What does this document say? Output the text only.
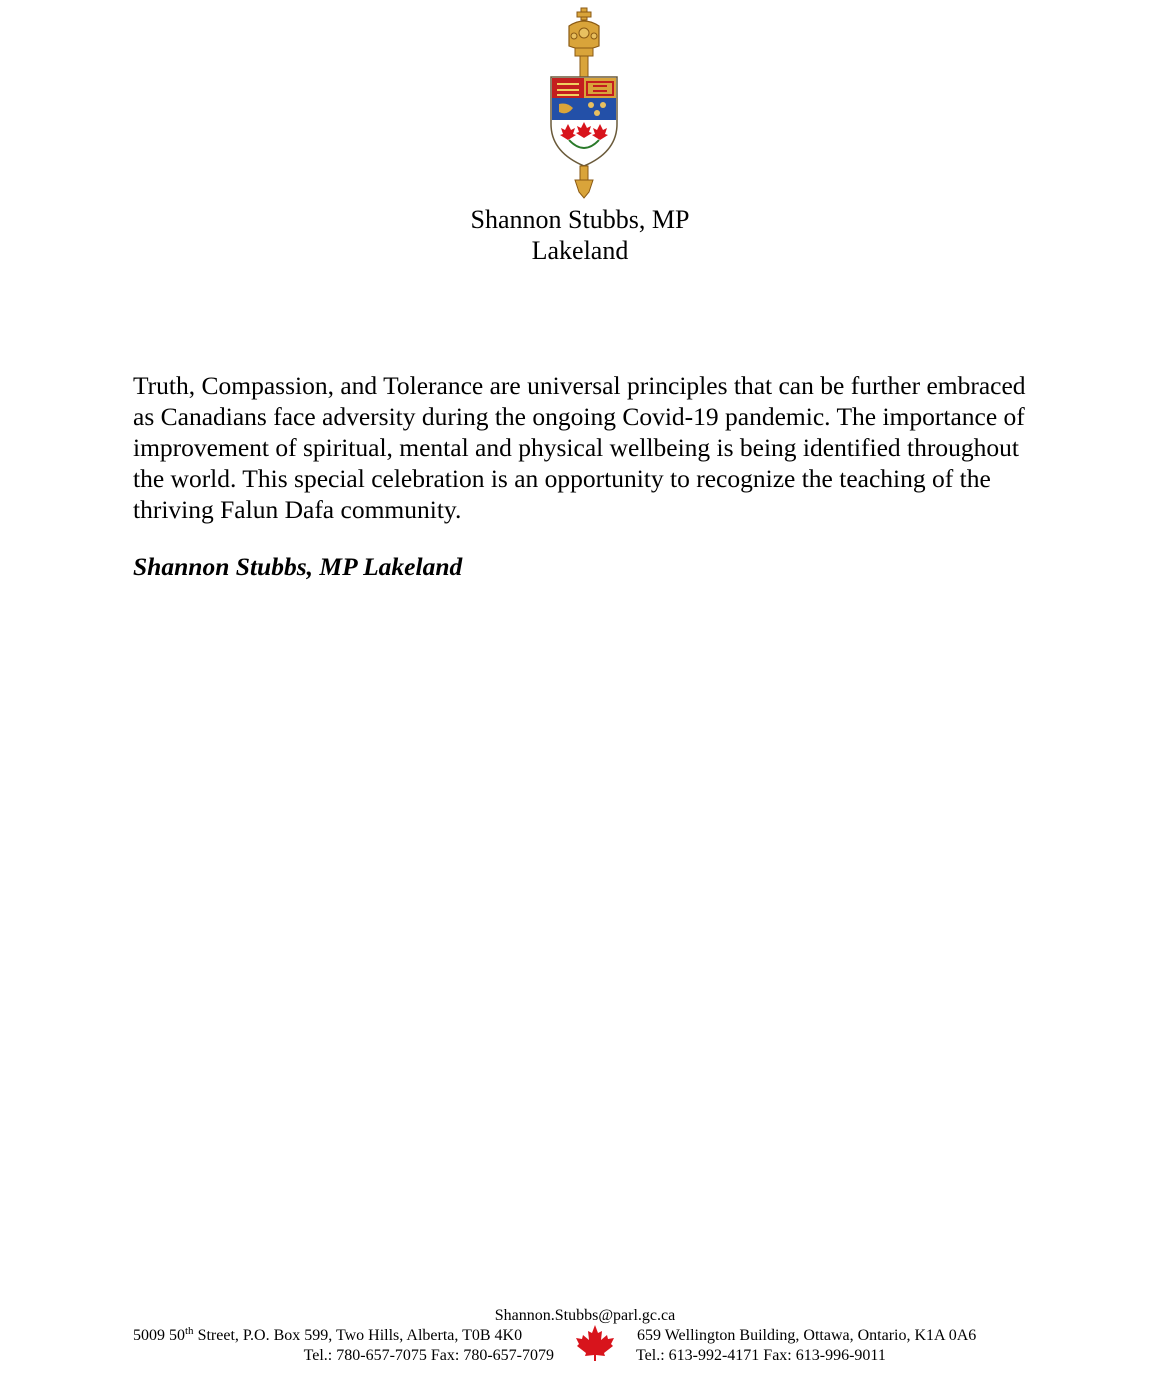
Shannon Stubbs, MP
Lakeland

Truth, Compassion, and Tolerance are universal principles that can be further embraced as Canadians face adversity during the ongoing Covid-19 pandemic. The importance of improvement of spiritual, mental and physical wellbeing is being identified throughout the world. This special celebration is an opportunity to recognize the teaching of the thriving Falun Dafa community.

Shannon Stubbs, MP Lakeland
Shannon.Stubbs@parl.gc.ca
5009 50th Street, P.O. Box 599, Two Hills, Alberta, T0B 4K0
Tel.: 780-657-7075 Fax: 780-657-7079
659 Wellington Building, Ottawa, Ontario, K1A 0A6
Tel.: 613-992-4171 Fax: 613-996-9011
